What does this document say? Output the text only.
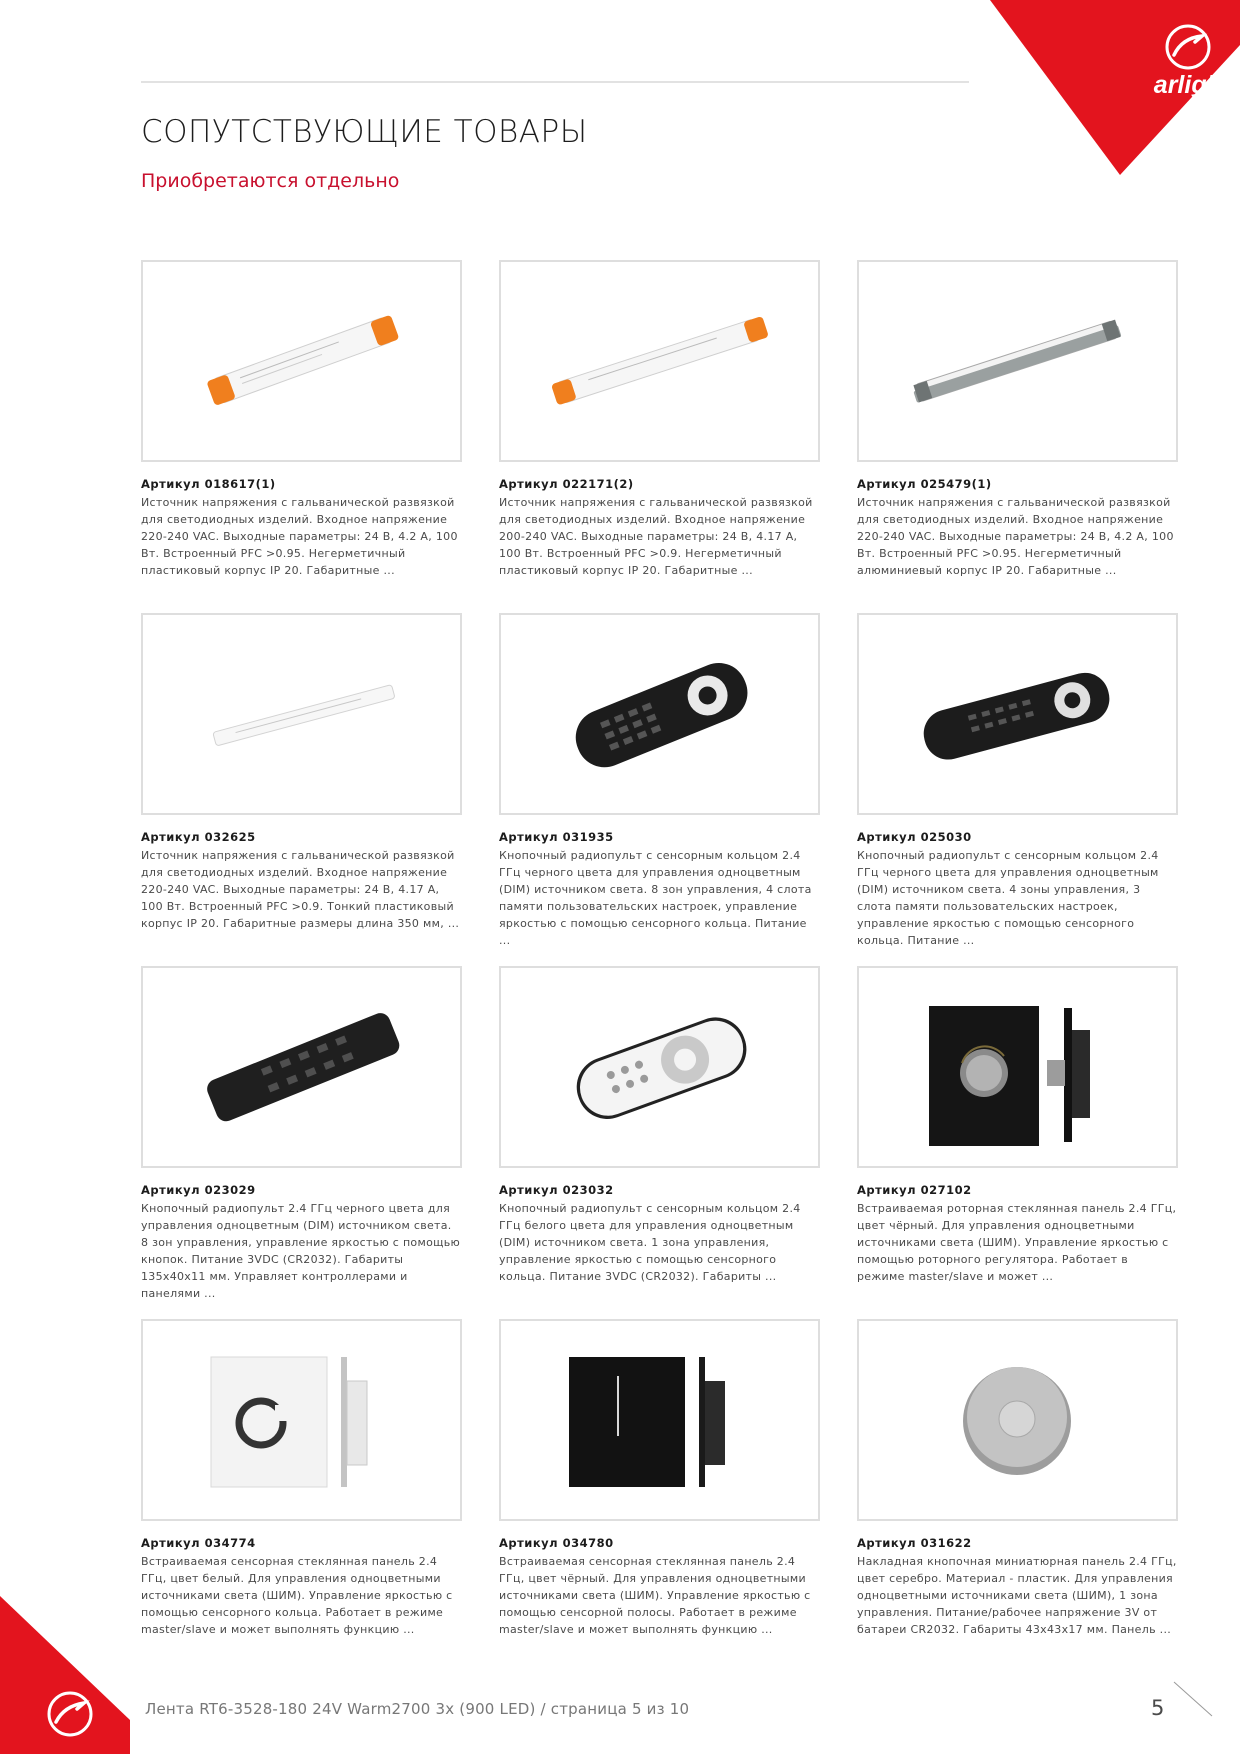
arlight
СОПУТСТВУЮЩИЕ ТОВАРЫ

Приобретаются отдельно

Артикул 018617(1)

Источник напряжения с гальванической развязкой для светодиодных изделий. Входное напряжение 220-240 VAC. Выходные параметры: 24 В, 4.2 А, 100 Вт. Встроенный PFC >0.95. Негерметичный пластиковый корпус IP 20. Габаритные ...

Артикул 022171(2)

Источник напряжения с гальванической развязкой для светодиодных изделий. Входное напряжение 200-240 VAC. Выходные параметры: 24 В, 4.17 А, 100 Вт. Встроенный PFC >0.9. Негерметичный пластиковый корпус IP 20. Габаритные ...

Артикул 025479(1)

Источник напряжения с гальванической развязкой для светодиодных изделий. Входное напряжение 220-240 VAC. Выходные параметры: 24 В, 4.2 А, 100 Вт. Встроенный PFC >0.95. Негерметичный алюминиевый корпус IP 20. Габаритные ...

Артикул 032625

Источник напряжения с гальванической развязкой для светодиодных изделий. Входное напряжение 220-240 VAC. Выходные параметры: 24 В, 4.17 А, 100 Вт. Встроенный PFC >0.9. Тонкий пластиковый корпус IP 20. Габаритные размеры длина 350 мм, ...

Артикул 031935

Кнопочный радиопульт с сенсорным кольцом 2.4 ГГц черного цвета для управления одноцветным (DIM) источником света. 8 зон управления, 4 слота памяти пользовательских настроек, управление яркостью с помощью сенсорного кольца. Питание ...

Артикул 025030

Кнопочный радиопульт с сенсорным кольцом 2.4 ГГц черного цвета для управления одноцветным (DIM) источником света. 4 зоны управления, 3 слота памяти пользовательских настроек, управление яркостью с помощью сенсорного кольца. Питание ...

Артикул 023029

Кнопочный радиопульт 2.4 ГГц черного цвета для управления одноцветным (DIM) источником света. 8 зон управления, управление яркостью с помощью кнопок. Питание 3VDC (CR2032). Габариты 135x40x11 мм. Управляет контроллерами и панелями ...

Артикул 023032

Кнопочный радиопульт с сенсорным кольцом 2.4 ГГц белого цвета для управления одноцветным (DIM) источником света. 1 зона управления, управление яркостью с помощью сенсорного кольца. Питание 3VDC (CR2032). Габариты ...

Артикул 027102

Встраиваемая роторная стеклянная панель 2.4 ГГц, цвет чёрный. Для управления одноцветными источниками света (ШИМ). Управление яркостью с помощью роторного регулятора. Работает в режиме master/slave и может ...

Артикул 034774

Встраиваемая сенсорная стеклянная панель 2.4 ГГц, цвет белый. Для управления одноцветными источниками света (ШИМ). Управление яркостью с помощью сенсорного кольца. Работает в режиме master/slave и может выполнять функцию ...

Артикул 034780

Встраиваемая сенсорная стеклянная панель 2.4 ГГц, цвет чёрный. Для управления одноцветными источниками света (ШИМ). Управление яркостью с помощью сенсорной полосы. Работает в режиме master/slave и может выполнять функцию ...

Артикул 031622

Накладная кнопочная миниатюрная панель 2.4 ГГц, цвет серебро. Материал - пластик. Для управления одноцветными источниками света (ШИМ), 1 зона управления. Питание/рабочее напряжение 3V от батареи CR2032. Габариты 43x43x17 мм. Панель ...

Лента RT6-3528-180 24V Warm2700 3x (900 LED) / страница 5 из 10	5
